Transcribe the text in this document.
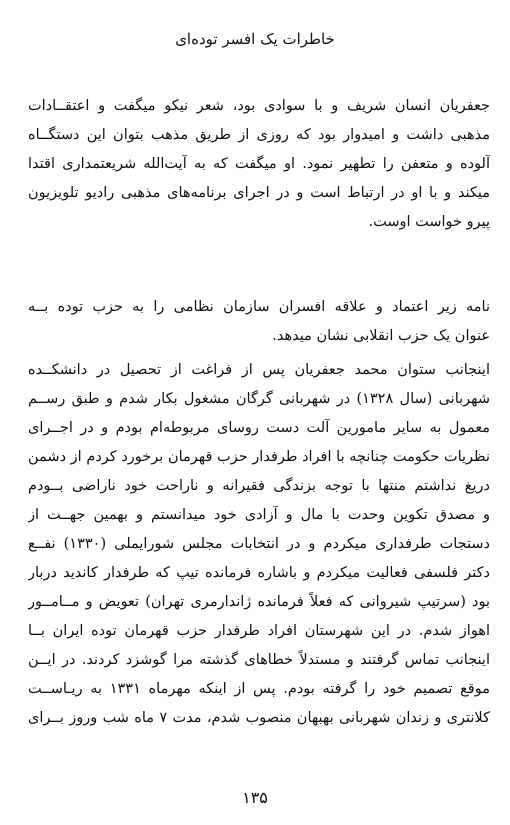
خاطرات یک افسر توده‌ای
جعفریان انسان شریف و با سوادی بود، شعر نیکو میگفت و اعتقــادات
مذهبی داشت و امیدوار بود که روزی از طریق مذهب بتوان این دستگــاه
آلوده و متعفن را تطهیر نمود. او میگفت که به آیت‌الله شریعتمداری اقتدا
میکند و با او در ارتباط است و در اجرای برنامه‌های مذهبی رادیو تلویزیون
پیرو خواست اوست.
نامه زیر اعتماد و علاقه افسران سازمان نظامی را به حزب توده بــه
عنوان یک حزب انقلابی نشان میدهد.
اینجانب ستوان محمد جعفریان پس از فراغت از تحصیل در دانشکــده
شهربانی (سال ۱۳۲۸) در شهربانی گرگان مشغول بکار شدم و طبق رســم
معمول به سایر مامورین آلت دست روسای مربوطه‌ام بودم و در اجــرای
نظریات حکومت چنانچه با افراد طرفدار حزب قهرمان برخورد کردم از دشمن
دریغ نداشتم منتها با توجه بزندگی فقیرانه و ناراحت خود ناراضی بــودم
و مصدق تکوین وحدت با مال و آزادی خود میدانستم و بهمین جهــت از
دستجات طرفداری میکردم و در انتخابات مجلس شورایملی (۱۳۳۰) نفــع
دکتر فلسفی فعالیت میکردم و باشاره فرمانده تیپ که طرفدار کاندید دربار
بود (سرتیپ شیروانی که فعلاً فرمانده ژاندارمری تهران) تعویض و مــامــور
اهواز شدم. در این شهرستان افراد طرفدار حزب قهرمان توده ایران بــا
اینجانب تماس گرفتند و مستدلاً خطاهای گذشته مرا گوشزد کردند. در ایــن
موقع تصمیم خود را گرفته بودم. پس از اینکه مهرماه ۱۳۳۱ به ریـاســت
کلانتری و زندان شهربانی بهبهان منصوب شدم، مدت ۷ ماه شب وروز بــرای
۱۳۵
